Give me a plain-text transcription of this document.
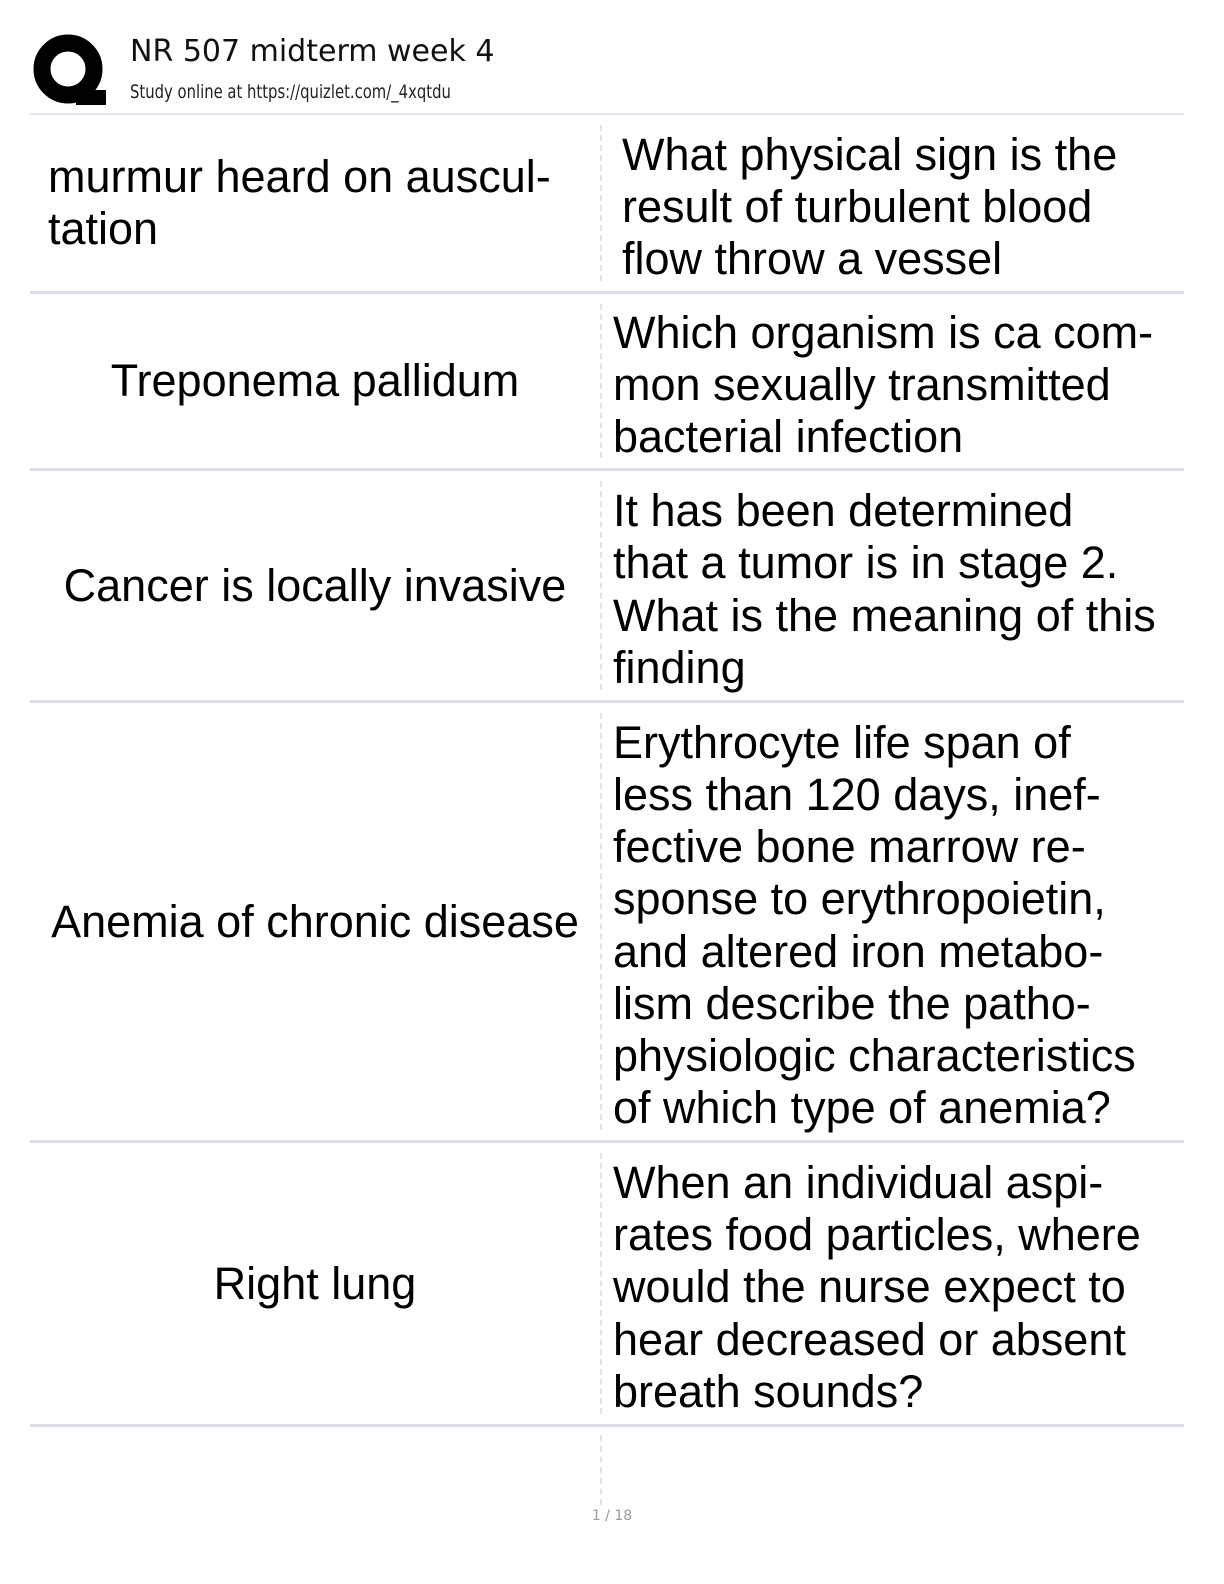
NR 507 midterm week 4
Study online at https://quizlet.com/_4xqtdu
murmur heard on auscul-
tation
What physical sign is the
result of turbulent blood
flow throw a vessel
Treponema pallidum
Which organism is ca com-
mon sexually transmitted
bacterial infection
Cancer is locally invasive
It has been determined
that a tumor is in stage 2.
What is the meaning of this
finding
Anemia of chronic disease
Erythrocyte life span of
less than 120 days, inef-
fective bone marrow re-
sponse to erythropoietin,
and altered iron metabo-
lism describe the patho-
physiologic characteristics
of which type of anemia?
Right lung
When an individual aspi-
rates food particles, where
would the nurse expect to
hear decreased or absent
breath sounds?
1 / 18
